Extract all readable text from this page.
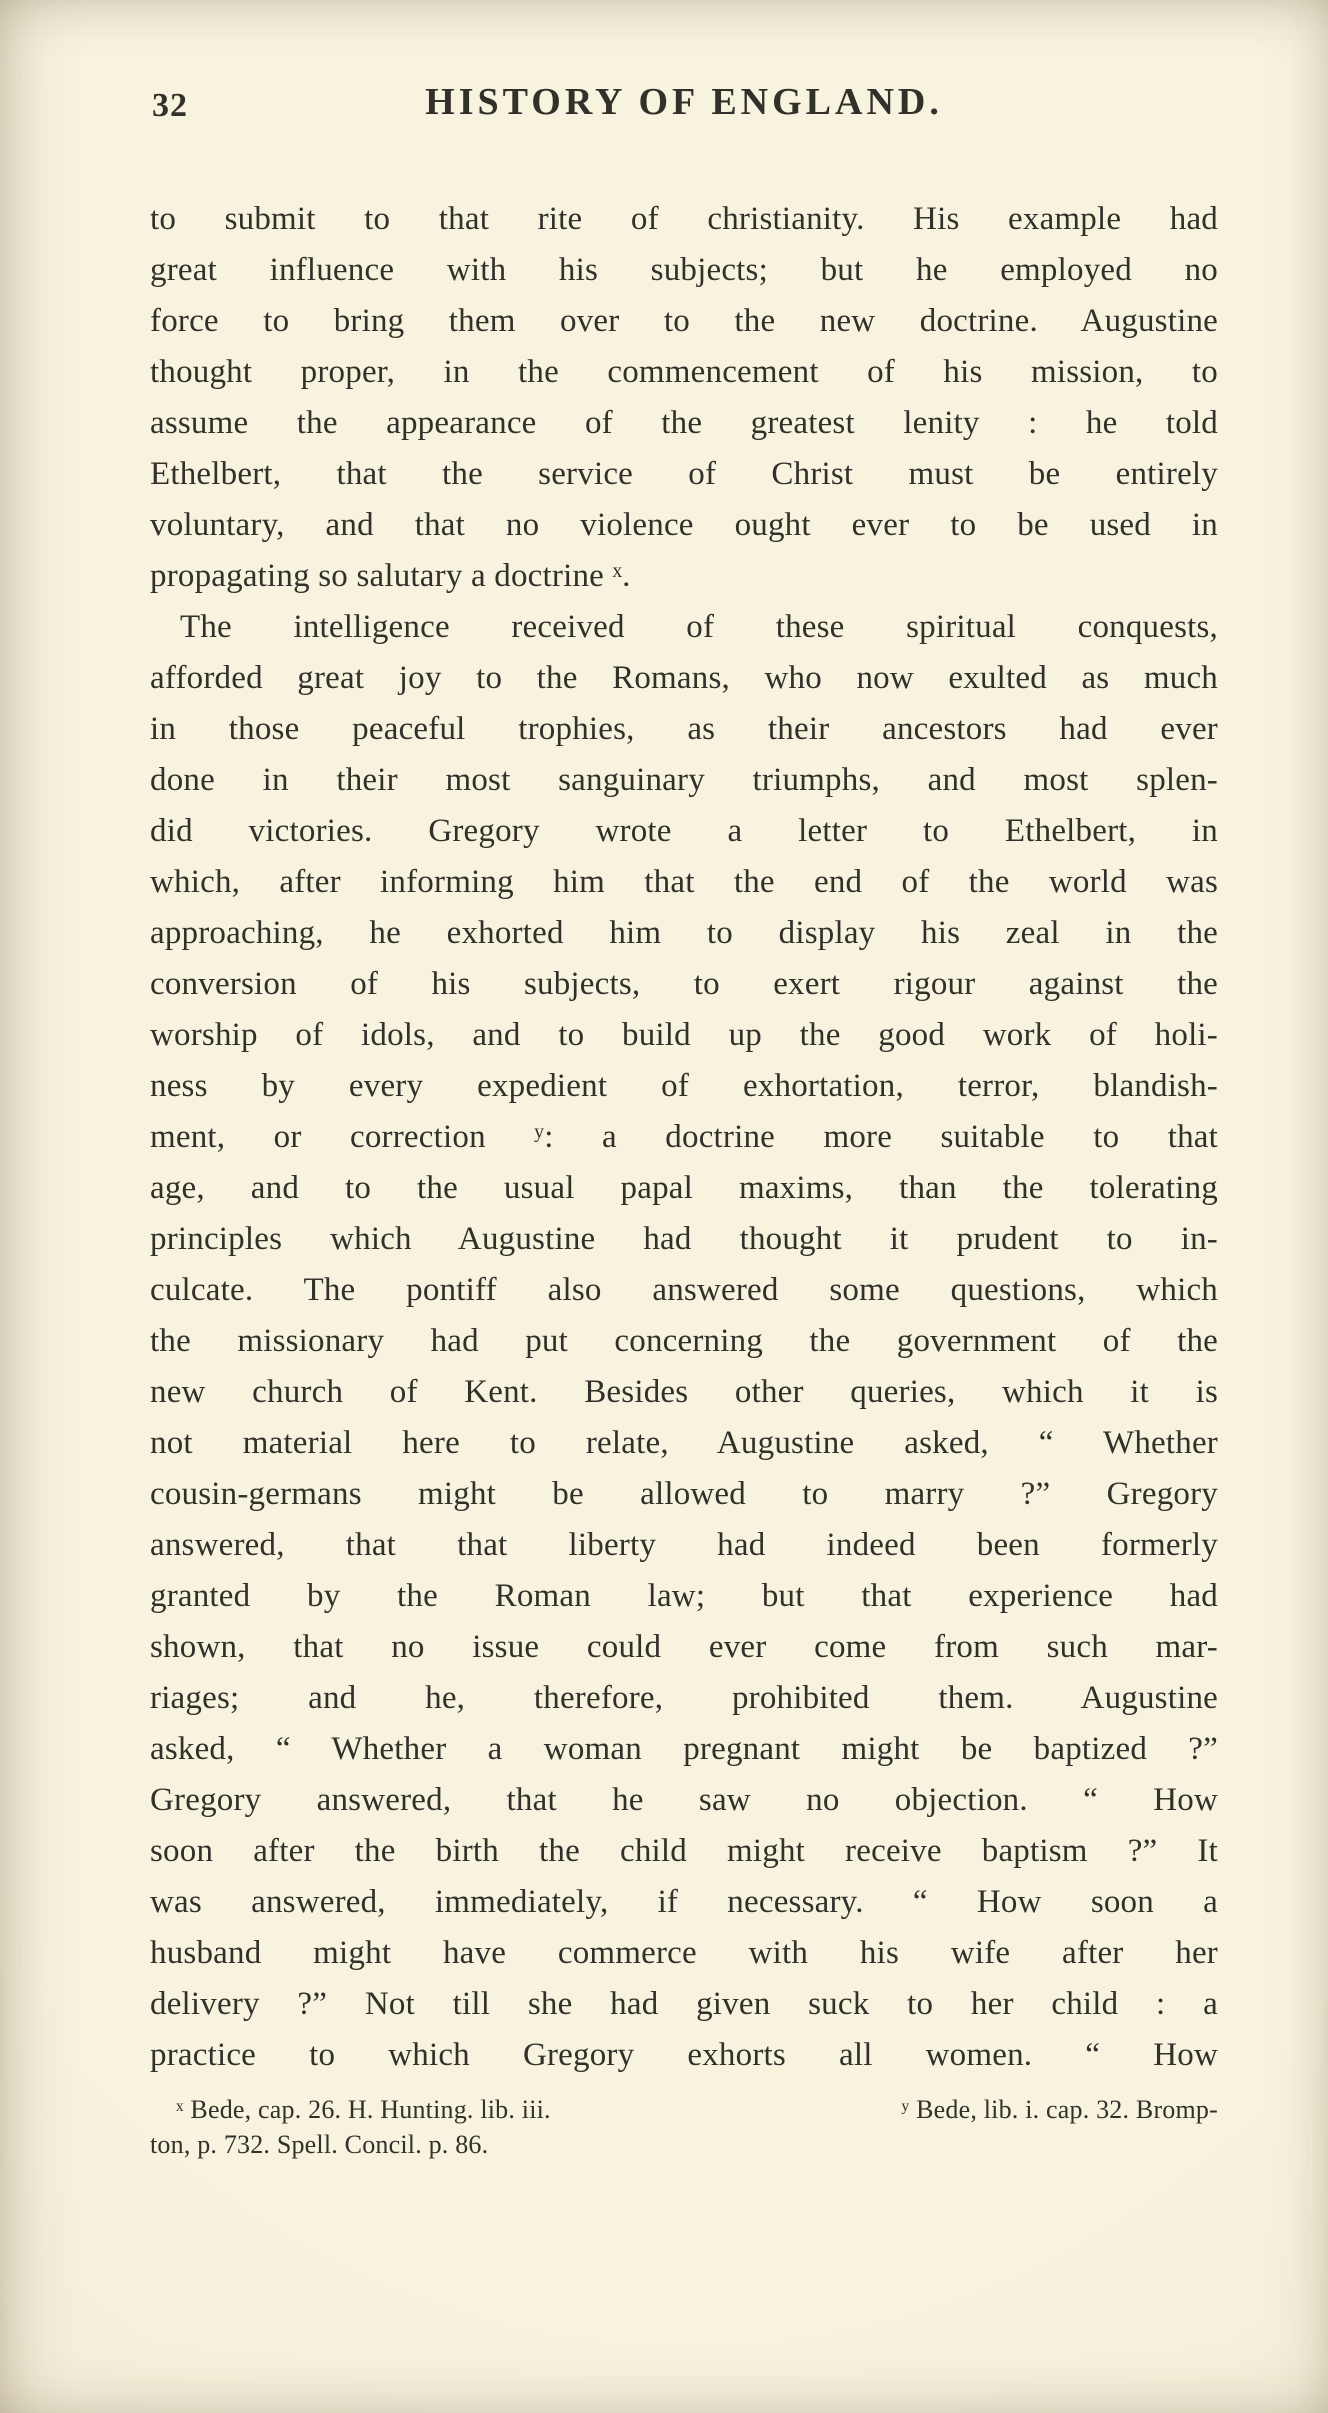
32	HISTORY OF ENGLAND.
to submit to that rite of christianity. His example had
great influence with his subjects; but he employed no
force to bring them over to the new doctrine. Augustine
thought proper, in the commencement of his mission, to
assume the appearance of the greatest lenity : he told
Ethelbert, that the service of Christ must be entirely
voluntary, and that no violence ought ever to be used in
propagating so salutary a doctrine ˣ.
The intelligence received of these spiritual conquests,
afforded great joy to the Romans, who now exulted as much
in those peaceful trophies, as their ancestors had ever
done in their most sanguinary triumphs, and most splen-
did victories. Gregory wrote a letter to Ethelbert, in
which, after informing him that the end of the world was
approaching, he exhorted him to display his zeal in the
conversion of his subjects, to exert rigour against the
worship of idols, and to build up the good work of holi-
ness by every expedient of exhortation, terror, blandish-
ment, or correction ʸ: a doctrine more suitable to that
age, and to the usual papal maxims, than the tolerating
principles which Augustine had thought it prudent to in-
culcate. The pontiff also answered some questions, which
the missionary had put concerning the government of the
new church of Kent. Besides other queries, which it is
not material here to relate, Augustine asked, “ Whether
cousin-germans might be allowed to marry ?” Gregory
answered, that that liberty had indeed been formerly
granted by the Roman law; but that experience had
shown, that no issue could ever come from such mar-
riages; and he, therefore, prohibited them. Augustine
asked, “ Whether a woman pregnant might be baptized ?”
Gregory answered, that he saw no objection. “ How
soon after the birth the child might receive baptism ?” It
was answered, immediately, if necessary. “ How soon a
husband might have commerce with his wife after her
delivery ?” Not till she had given suck to her child : a
practice to which Gregory exhorts all women. “ How
ˣ Bede, cap. 26. H. Hunting. lib. iii.	ʸ Bede, lib. i. cap. 32. Bromp-
ton, p. 732. Spell. Concil. p. 86.
